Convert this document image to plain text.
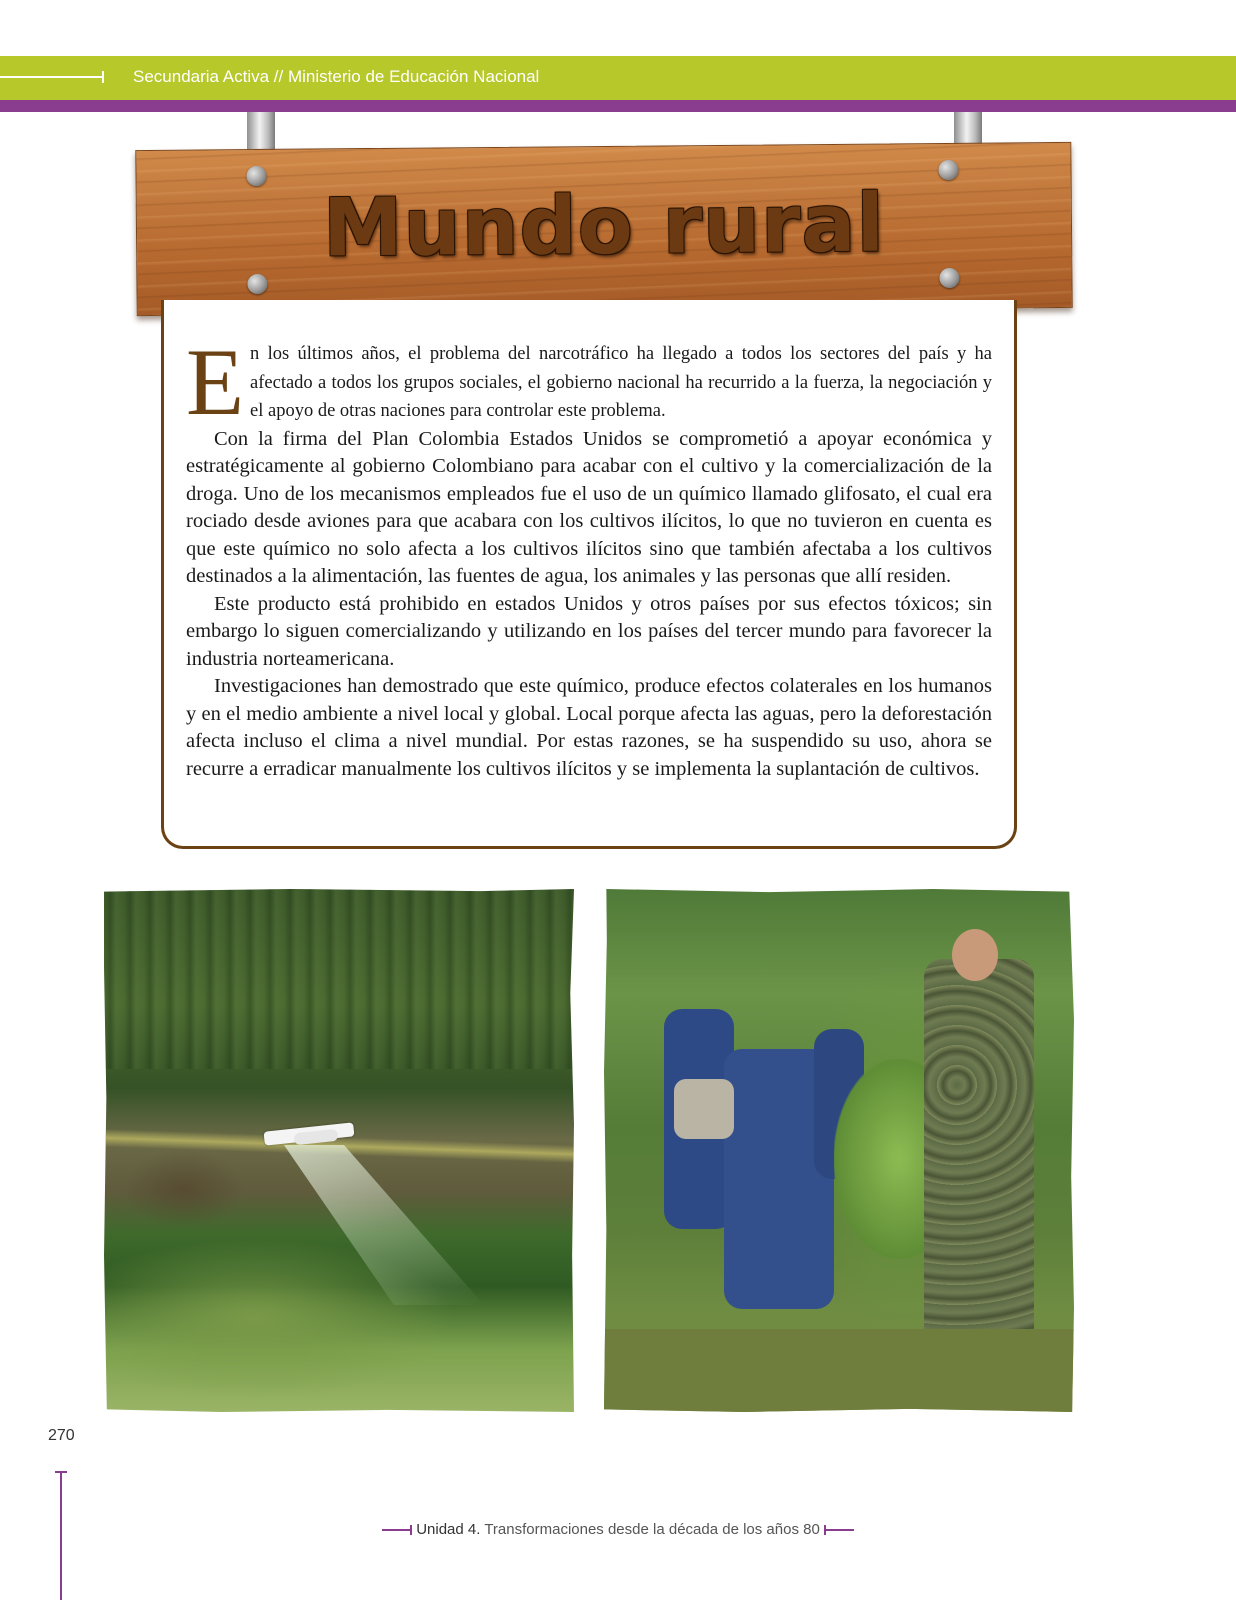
Secundaria Activa // Ministerio de Educación Nacional
Mundo rural

En los últimos años, el problema del narcotráfico ha llegado a todos los sectores del país y ha afectado a todos los grupos sociales, el gobierno nacional ha recurrido a la fuerza, la negociación y el apoyo de otras naciones para controlar este problema.

Con la firma del Plan Colombia Estados Unidos se comprometió a apoyar económica y estratégicamente al gobierno Colombiano para acabar con el cultivo y la comercialización de la droga. Uno de los mecanismos empleados fue el uso de un químico llamado glifosato, el cual era rociado desde aviones para que acabara con los cultivos ilícitos, lo que no tuvieron en cuenta es que este químico no solo afecta a los cultivos ilícitos sino que también afectaba a los cultivos destinados a la alimentación, las fuentes de agua, los animales y las personas que allí residen.

Este producto está prohibido en estados Unidos y otros países por sus efectos tóxicos; sin embargo lo siguen comercializando y utilizando en los países del tercer mundo para favorecer la industria norteamericana.

Investigaciones han demostrado que este químico, produce efectos colaterales en los humanos y en el medio ambiente a nivel local y global. Local porque afecta las aguas, pero la deforestación afecta incluso el clima a nivel mundial. Por estas razones, se ha suspendido su uso, ahora se recurre a erradicar manualmente los cultivos ilícitos y se implementa la suplantación de cultivos.

270
Unidad 4. Transformaciones desde la década de los años 80
